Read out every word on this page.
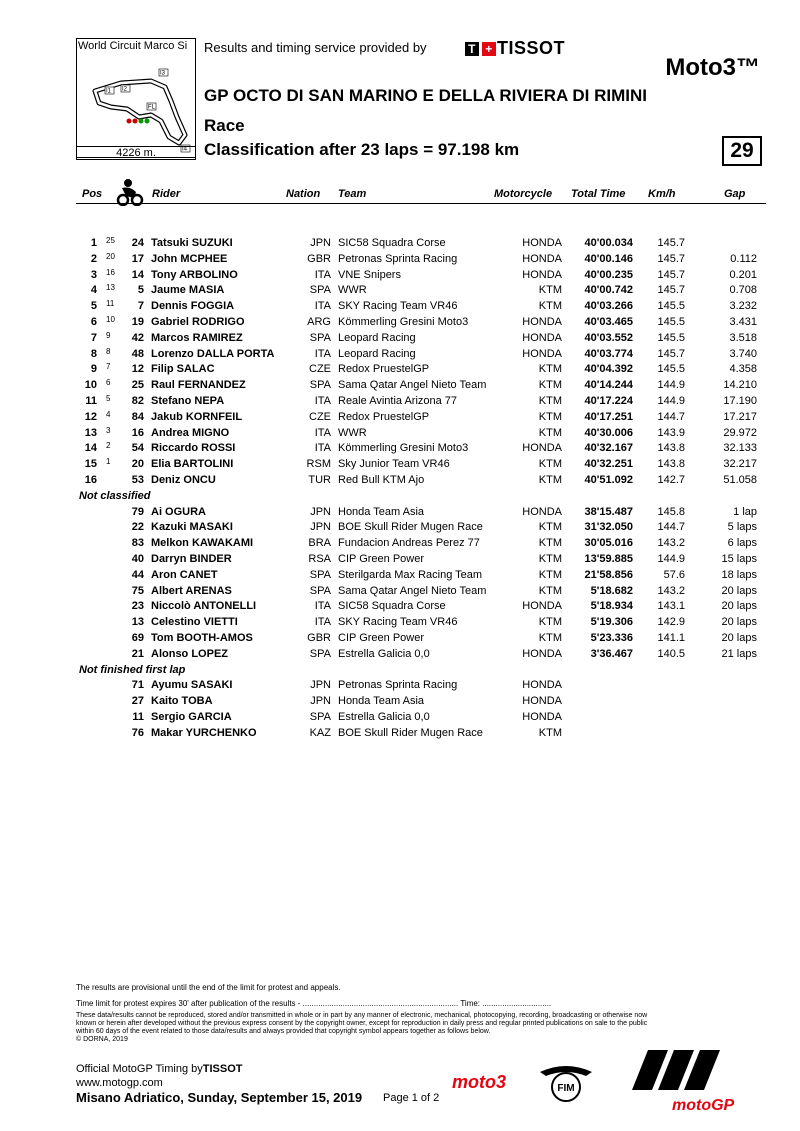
World Circuit Marco Si
I1 I2
I3
I4
FL
4226 m.
Results and timing service provided by	T + TISSOT
Moto3™
GP OCTO DI SAN MARINO E DELLA RIVIERA DI RIMINI
Race
Classification after 23 laps = 97.198 km	29
Pos	Rider	Nation Team	Motorcycle Total Time Km/h	Gap
1 25	24 Tatsuki SUZUKI	JPN SIC58 Squadra Corse	HONDA 40'00.034 145.7
2 20	17 John MCPHEE	GBR Petronas Sprinta Racing	HONDA 40'00.146 145.7	0.112
3 16	14 Tony ARBOLINO	ITA VNE Snipers	HONDA 40'00.235 145.7	0.201
4 13	5 Jaume MASIA	SPA WWR	KTM 40'00.742 145.7	0.708
5 11	7 Dennis FOGGIA	ITA SKY Racing Team VR46	KTM 40'03.266 145.5	3.232
6 10	19 Gabriel RODRIGO	ARG Kömmerling Gresini Moto3	HONDA 40'03.465 145.5	3.431
7 9	42 Marcos RAMIREZ	SPA Leopard Racing	HONDA 40'03.552 145.5	3.518
8 8	48 Lorenzo DALLA PORTA	ITA Leopard Racing	HONDA 40'03.774 145.7	3.740
9 7	12 Filip SALAC	CZE Redox PruestelGP	KTM 40'04.392 145.5	4.358
10 6	25 Raul FERNANDEZ	SPA Sama Qatar Angel Nieto Team	KTM 40'14.244 144.9	14.210
11 5	82 Stefano NEPA	ITA Reale Avintia Arizona 77	KTM 40'17.224 144.9	17.190
12 4	84 Jakub KORNFEIL	CZE Redox PruestelGP	KTM 40'17.251 144.7	17.217
13 3	16 Andrea MIGNO	ITA WWR	KTM 40'30.006 143.9	29.972
14 2	54 Riccardo ROSSI	ITA Kömmerling Gresini Moto3	HONDA 40'32.167 143.8	32.133
15 1	20 Elia BARTOLINI	RSM Sky Junior Team VR46	KTM 40'32.251 143.8	32.217
16	53 Deniz ONCU	TUR Red Bull KTM Ajo	KTM 40'51.092 142.7	51.058
Not classified
79 Ai OGURA	JPN Honda Team Asia	HONDA 38'15.487 145.8	1 lap
22 Kazuki MASAKI	JPN BOE Skull Rider Mugen Race	KTM 31'32.050 144.7	5 laps
83 Melkon KAWAKAMI	BRA Fundacion Andreas Perez 77	KTM 30'05.016 143.2	6 laps
40 Darryn BINDER	RSA CIP Green Power	KTM 13'59.885 144.9	15 laps
44 Aron CANET	SPA Sterilgarda Max Racing Team	KTM 21'58.856	57.6	18 laps
75 Albert ARENAS	SPA Sama Qatar Angel Nieto Team	KTM	5'18.682 143.2	20 laps
23 Niccolò ANTONELLI	ITA SIC58 Squadra Corse	HONDA	5'18.934 143.1	20 laps
13 Celestino VIETTI	ITA SKY Racing Team VR46	KTM	5'19.306 142.9	20 laps
69 Tom BOOTH-AMOS	GBR CIP Green Power	KTM	5'23.336 141.1	20 laps
21 Alonso LOPEZ	SPA Estrella Galicia 0,0	HONDA	3'36.467 140.5	21 laps
Not finished first lap
71 Ayumu SASAKI	JPN Petronas Sprinta Racing	HONDA
27 Kaito TOBA	JPN Honda Team Asia	HONDA
11 Sergio GARCIA	SPA Estrella Galicia 0,0	HONDA
76 Makar YURCHENKO	KAZ BOE Skull Rider Mugen Race	KTM
The results are provisional until the end of the limit for protest and appeals.
Time limit for protest expires 30' after publication of the results - ...................................................................... Time: ...............................
These data/results cannot be reproduced, stored and/or transmitted in whole or in part by any manner of electronic, mechanical, photocopying, recording, broadcasting or otherwise now
known or herein after developed without the previous express consent by the copyright owner, except for reproduction in daily press and regular printed publications on sale to the public
within 60 days of the event related to those data/results and always provided that copyright symbol appears together as follows below.
© DORNA, 2019
Official MotoGP Timing byTISSOT
www.motogp.com
Misano Adriatico, Sunday, September 15, 2019 Page 1 of 2
moto3	FIM
motoGP
